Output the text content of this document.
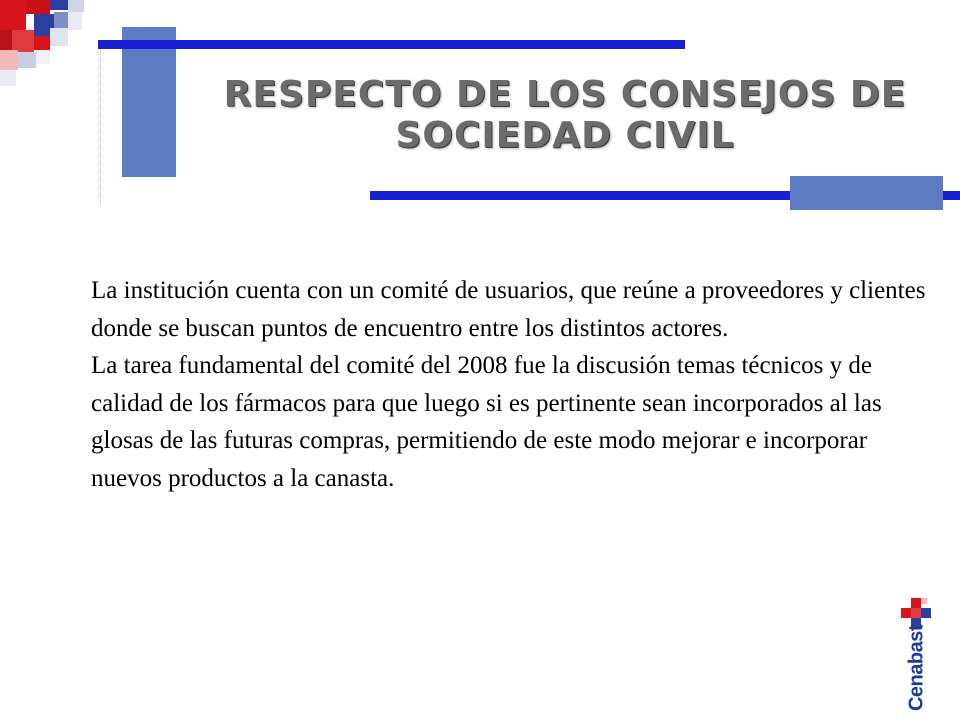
RESPECTO DE LOS CONSEJOS DE
SOCIEDAD CIVIL

La institución cuenta con un comité de usuarios, que reúne a proveedores y clientes donde se buscan puntos de encuentro entre los distintos actores.

La tarea fundamental del comité del 2008 fue la discusión temas técnicos y de calidad de los fármacos para que luego si es pertinente sean incorporados al las glosas de las futuras compras, permitiendo de este modo mejorar e incorporar nuevos productos a la canasta.

Cenabast
